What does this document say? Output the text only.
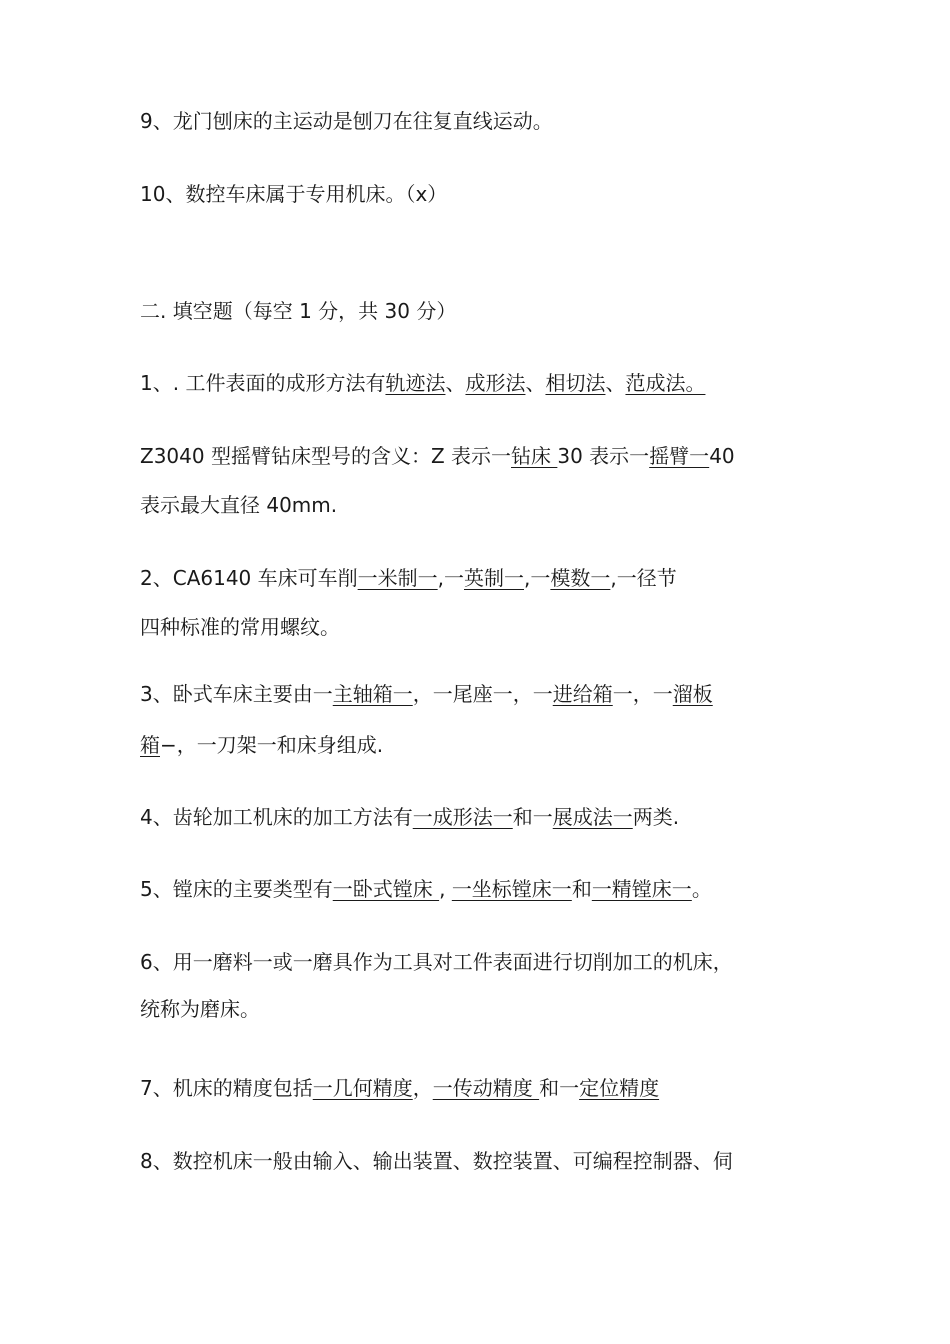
9、龙门刨床的主运动是刨刀在往复直线运动。
10、数控车床属于专用机床。（x）
二. 填空题（每空 1 分，共 30 分）
1、. 工件表面的成形方法有轨迹法、成形法、相切法、范成法。
Z3040 型摇臂钻床型号的含义：Z 表示一钻床 30 表示一摇臂一40
表示最大直径 40mm.
2、CA6140 车床可车削一米制一,一英制一,一模数一,一径节
四种标准的常用螺纹。
3、卧式车床主要由一主轴箱一，一尾座一，一进给箱一，一溜板
箱−，一刀架一和床身组成.
4、齿轮加工机床的加工方法有一成形法一和一展成法一两类.
5、镗床的主要类型有一卧式镗床 , 一坐标镗床一和一精镗床一。
6、用一磨料一或一磨具作为工具对工件表面进行切削加工的机床，
统称为磨床。
7、机床的精度包括一几何精度，一传动精度 和一定位精度
8、数控机床一般由输入、输出装置、数控装置、可编程控制器、伺
